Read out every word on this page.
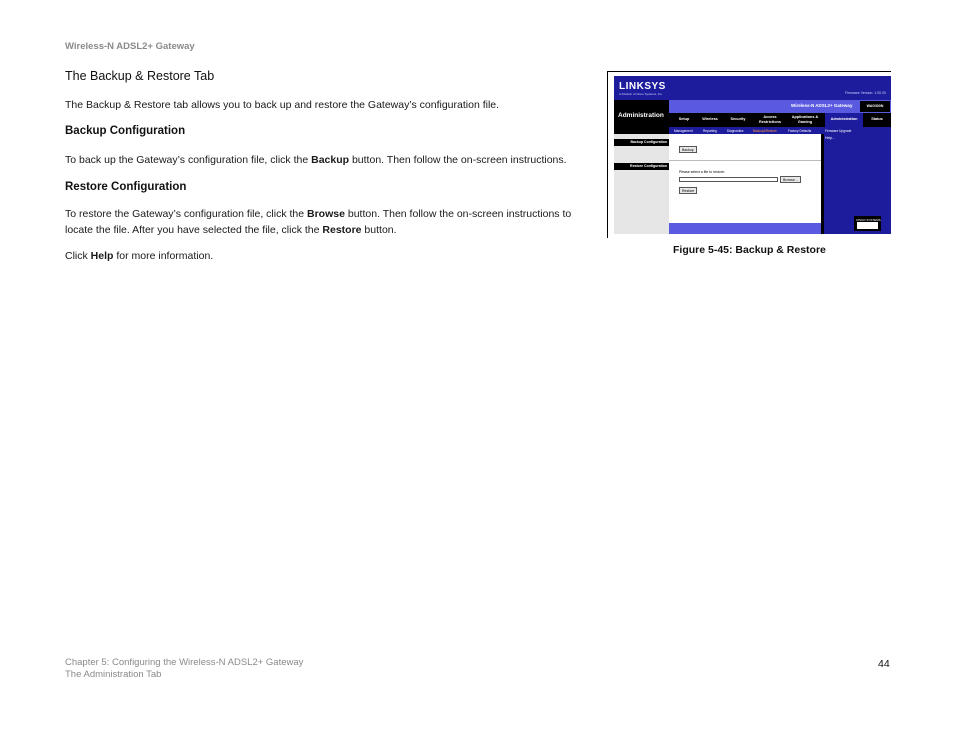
Wireless-N ADSL2+ Gateway
The Backup & Restore Tab

The Backup & Restore tab allows you to back up and restore the Gateway’s configuration file.

Backup Configuration

To back up the Gateway’s configuration file, click the Backup button. Then follow the on-screen instructions.

Restore Configuration

To restore the Gateway’s configuration file, click the Browse button. Then follow the on-screen instructions to locate the file. After you have selected the file, click the Restore button.

Click Help for more information.

LINKSYS
A Division of Cisco Systems, Inc.	Firmware Version: 1.00.00
Administration
Wireless-N ADSL2+ Gateway	WAG300N
Setup	Wireless	Security	Access Restrictions
Applications & Gaming
Administration	Status
Management	Reporting	Diagnostics	Backup&Restore	Factory Defaults	Firmware Upgrade
Backup Configuration
Restore Configuration
Backup
Please select a file to restore:
Browse...
Restore
Help...
CISCO SYSTEMS
Figure 5-45: Backup & Restore
Chapter 5: Configuring the Wireless-N ADSL2+ Gateway
The Administration Tab
44
